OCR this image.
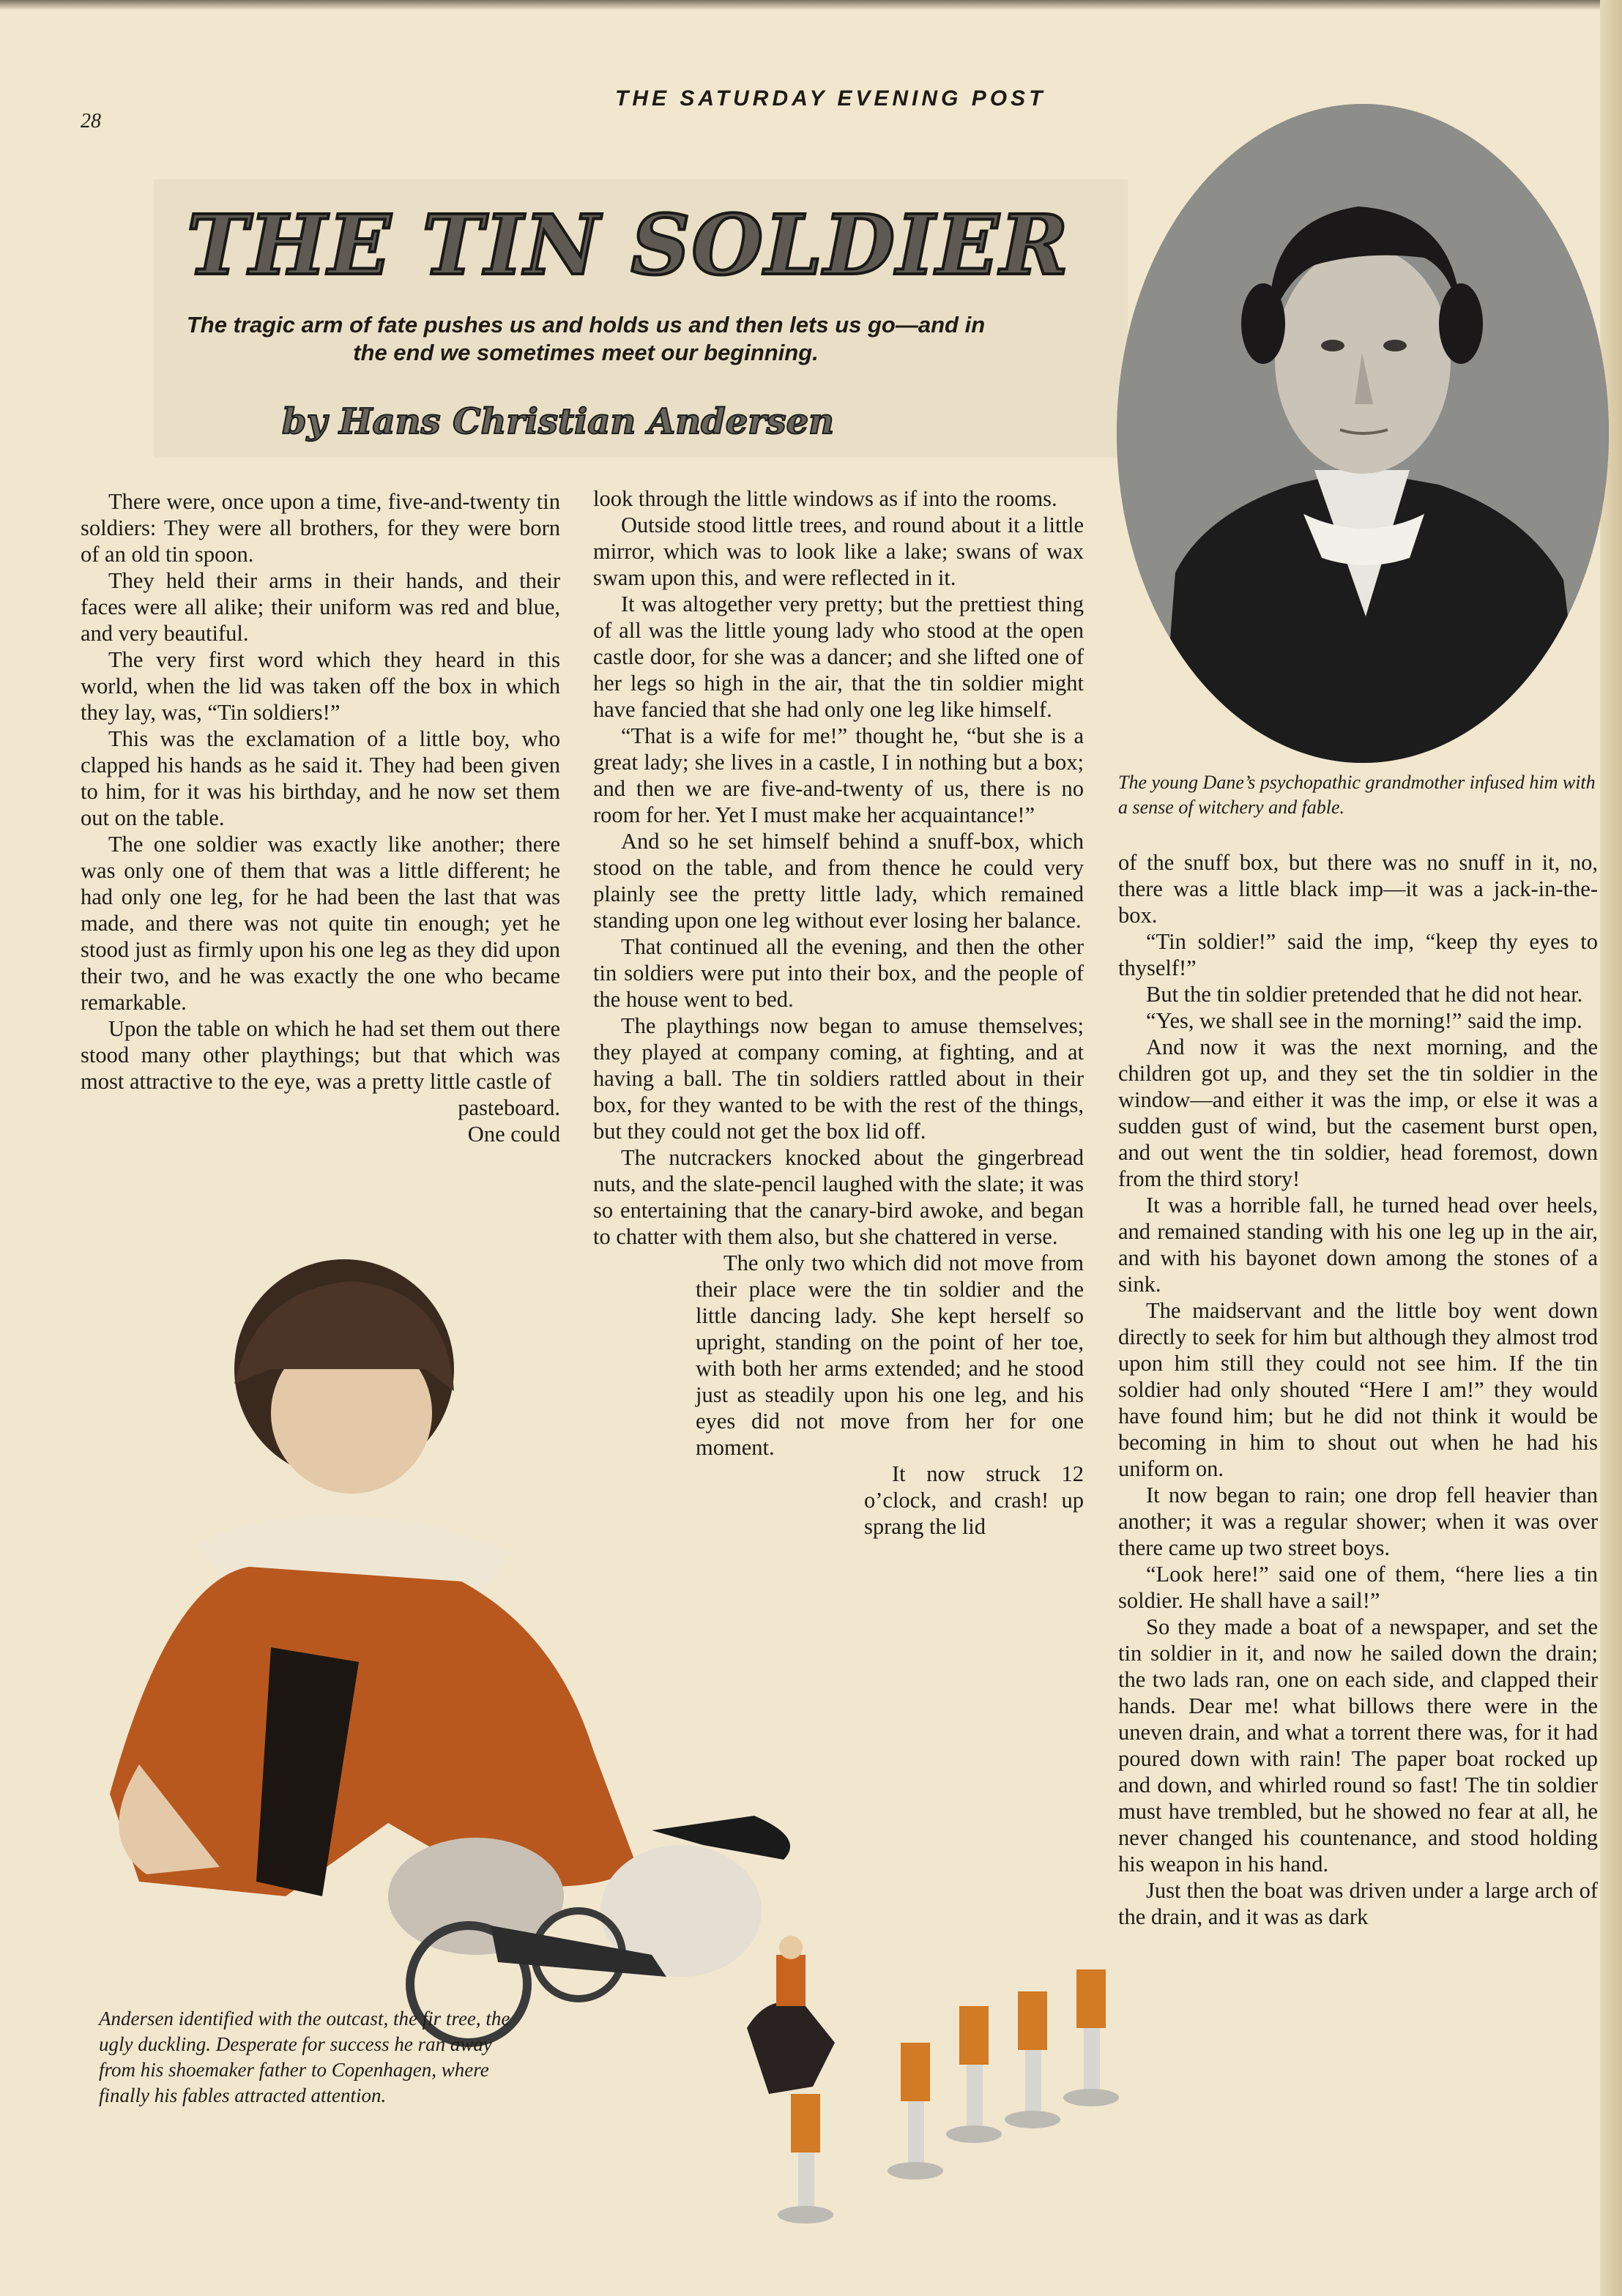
28
THE SATURDAY EVENING POST
THE TIN SOLDIER
The tragic arm of fate pushes us and holds us and then lets us go—and in the end we sometimes meet our beginning.
by Hans Christian Andersen
The young Dane’s psychopathic grandmother infused him with a sense of witchery and fable.

There were, once upon a time, five-and-twenty tin soldiers: They were all brothers, for they were born of an old tin spoon.

They held their arms in their hands, and their faces were all alike; their uniform was red and blue, and very beautiful.

The very first word which they heard in this world, when the lid was taken off the box in which they lay, was, “Tin soldiers!”

This was the exclamation of a little boy, who clapped his hands as he said it. They had been given to him, for it was his birthday, and he now set them out on the table.

The one soldier was exactly like another; there was only one of them that was a little different; he had only one leg, for he had been the last that was made, and there was not quite tin enough; yet he stood just as firmly upon his one leg as they did upon their two, and he was exactly the one who became remarkable.

Upon the table on which he had set them out there stood many other playthings; but that which was most attractive to the eye, was a pretty little castle of

pasteboard.

One could

look through the little windows as if into the rooms.

Outside stood little trees, and round about it a little mirror, which was to look like a lake; swans of wax swam upon this, and were reflected in it.

It was altogether very pretty; but the prettiest thing of all was the little young lady who stood at the open castle door, for she was a dancer; and she lifted one of her legs so high in the air, that the tin soldier might have fancied that she had only one leg like himself.

“That is a wife for me!” thought he, “but she is a great lady; she lives in a castle, I in nothing but a box; and then we are five-and-twenty of us, there is no room for her. Yet I must make her acquaintance!”

And so he set himself behind a snuff-box, which stood on the table, and from thence he could very plainly see the pretty little lady, which remained standing upon one leg without ever losing her balance.

That continued all the evening, and then the other tin soldiers were put into their box, and the people of the house went to bed.

The playthings now began to amuse themselves; they played at company coming, at fighting, and at having a ball. The tin soldiers rattled about in their box, for they wanted to be with the rest of the things, but they could not get the box lid off.

The nutcrackers knocked about the gingerbread nuts, and the slate-pencil laughed with the slate; it was so entertaining that the canary-bird awoke, and began to chatter with them also, but she chattered in verse.

The only two which did not move from their place were the tin soldier and the little dancing lady. She kept herself so upright, standing on the point of her toe, with both her arms extended; and he stood just as steadily upon his one leg, and his eyes did not move from her for one moment.

It now struck 12 o’clock, and crash! up sprang the lid

of the snuff box, but there was no snuff in it, no, there was a little black imp—it was a jack-in-the-box.

“Tin soldier!” said the imp, “keep thy eyes to thyself!”

But the tin soldier pretended that he did not hear.

“Yes, we shall see in the morning!” said the imp.

And now it was the next morning, and the children got up, and they set the tin soldier in the window—and either it was the imp, or else it was a sudden gust of wind, but the casement burst open, and out went the tin soldier, head foremost, down from the third story!

It was a horrible fall, he turned head over heels, and remained standing with his one leg up in the air, and with his bayonet down among the stones of a sink.

The maidservant and the little boy went down directly to seek for him but although they almost trod upon him still they could not see him. If the tin soldier had only shouted “Here I am!” they would have found him; but he did not think it would be becoming in him to shout out when he had his uniform on.

It now began to rain; one drop fell heavier than another; it was a regular shower; when it was over there came up two street boys.

“Look here!” said one of them, “here lies a tin soldier. He shall have a sail!”

So they made a boat of a newspaper, and set the tin soldier in it, and now he sailed down the drain; the two lads ran, one on each side, and clapped their hands. Dear me! what billows there were in the uneven drain, and what a torrent there was, for it had poured down with rain! The paper boat rocked up and down, and whirled round so fast! The tin soldier must have trembled, but he showed no fear at all, he never changed his countenance, and stood holding his weapon in his hand.

Just then the boat was driven under a large arch of the drain, and it was as dark

Andersen identified with the outcast, the fir tree, the ugly duckling. Desperate for success he ran away from his shoemaker father to Copenhagen, where finally his fables attracted attention.
